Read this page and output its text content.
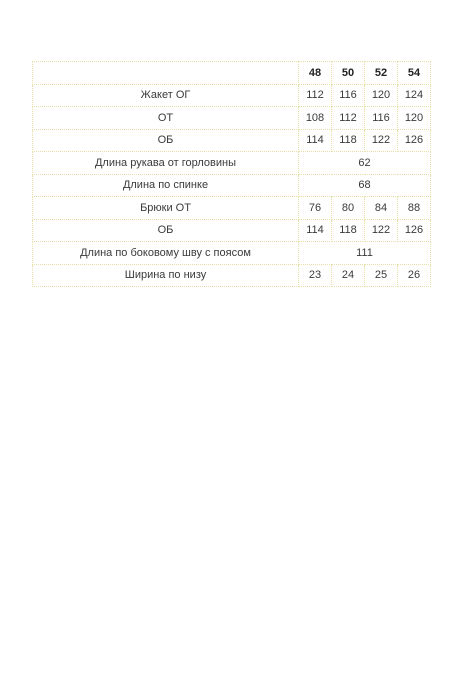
	48	50	52	54
Жакет ОГ	112	116	120	124
ОТ	108	112	116	120
ОБ	114	118	122	126
Длина рукава от горловины	62			
Длина по спинке	68			
Брюки ОТ	76	80	84	88
ОБ	114	118	122	126
Длина по боковому шву с поясом	111			
Ширина по низу	23	24	25	26
